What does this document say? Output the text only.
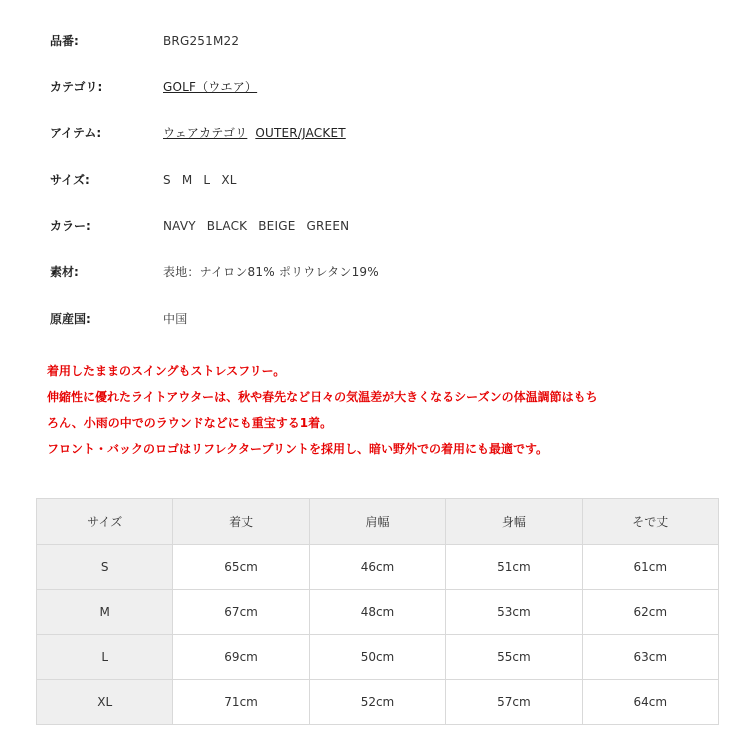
品番:	BRG251M22
カテゴリ:	GOLF（ウエア）
アイテム:	ウェアカテゴリ OUTER/JACKET
サイズ:	S M L XL
カラー:	NAVY BLACK BEIGE GREEN
素材:	表地：ナイロン81% ポリウレタン19%
原産国:	中国
着用したままのスイングもストレスフリー。
伸縮性に優れたライトアウターは、秋や春先など日々の気温差が大きくなるシーズンの体温調節はもち
ろん、小雨の中でのラウンドなどにも重宝する1着。
フロント・バックのロゴはリフレクタープリントを採用し、暗い野外での着用にも最適です。
サイズ	着丈	肩幅	身幅	そで丈
S	65cm	46cm	51cm	61cm
M	67cm	48cm	53cm	62cm
L	69cm	50cm	55cm	63cm
XL	71cm	52cm	57cm	64cm
